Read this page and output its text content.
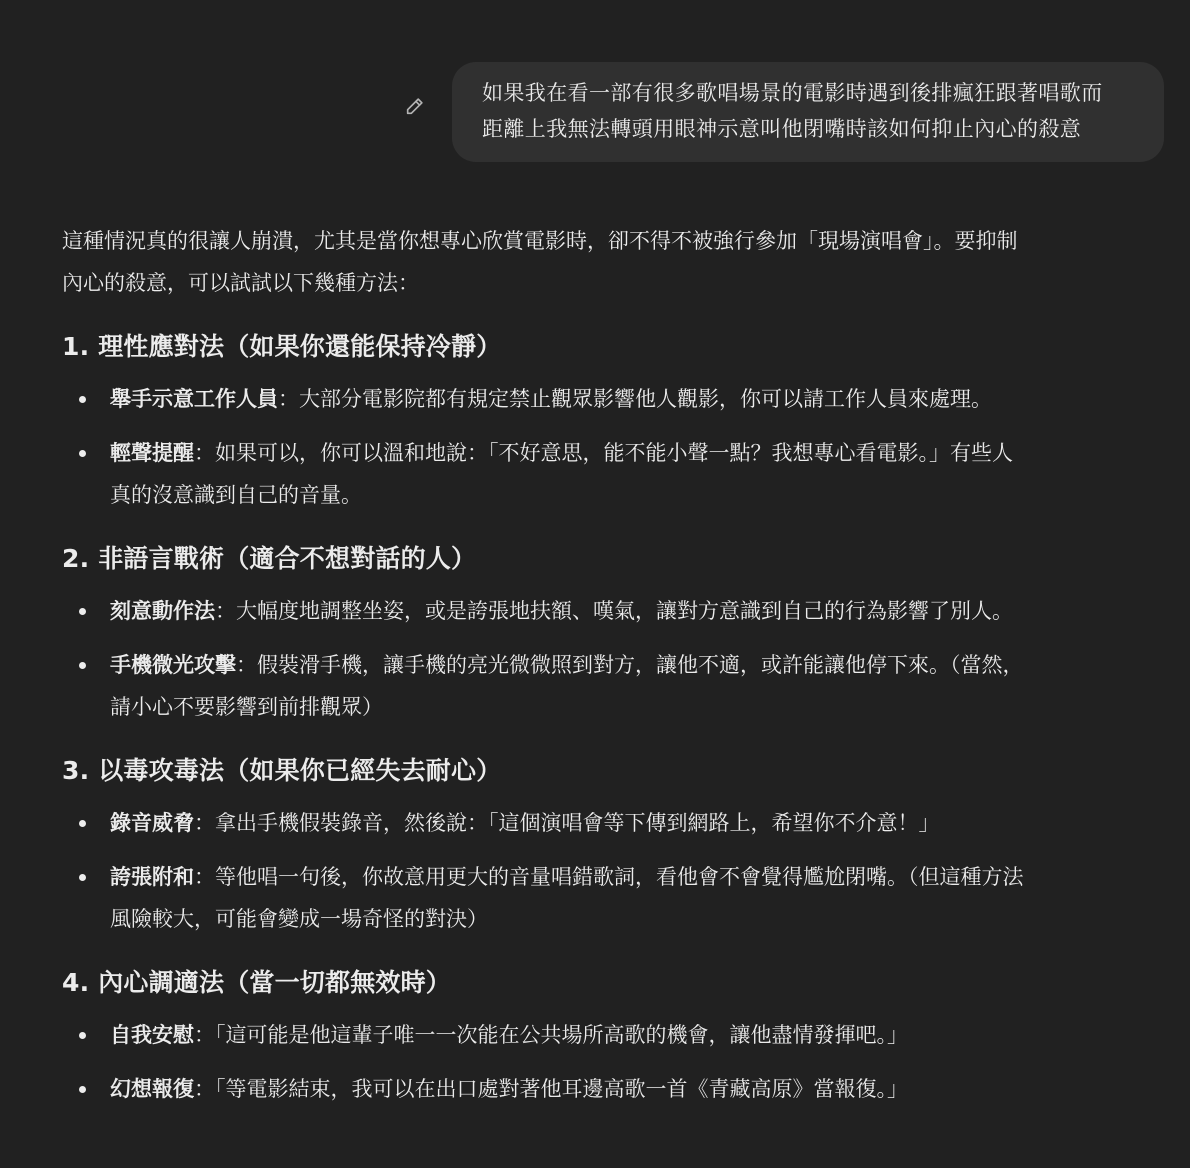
如果我在看一部有很多歌唱場景的電影時遇到後排瘋狂跟著唱歌而
距離上我無法轉頭用眼神示意叫他閉嘴時該如何抑止內心的殺意

這種情況真的很讓人崩潰，尤其是當你想專心欣賞電影時，卻不得不被強行參加「現場演唱會」。要抑制
內心的殺意，可以試試以下幾種方法：

1. 理性應對法（如果你還能保持冷靜）
舉手示意工作人員：大部分電影院都有規定禁止觀眾影響他人觀影，你可以請工作人員來處理。
輕聲提醒：如果可以，你可以溫和地說：「不好意思，能不能小聲一點？我想專心看電影。」有些人
真的沒意識到自己的音量。
2. 非語言戰術（適合不想對話的人）
刻意動作法：大幅度地調整坐姿，或是誇張地扶額、嘆氣，讓對方意識到自己的行為影響了別人。
手機微光攻擊：假裝滑手機，讓手機的亮光微微照到對方，讓他不適，或許能讓他停下來。（當然，
請小心不要影響到前排觀眾）
3. 以毒攻毒法（如果你已經失去耐心）
錄音威脅：拿出手機假裝錄音，然後說：「這個演唱會等下傳到網路上，希望你不介意！」
誇張附和：等他唱一句後，你故意用更大的音量唱錯歌詞，看他會不會覺得尷尬閉嘴。（但這種方法
風險較大，可能會變成一場奇怪的對決）
4. 內心調適法（當一切都無效時）
自我安慰：「這可能是他這輩子唯一一次能在公共場所高歌的機會，讓他盡情發揮吧。」
幻想報復：「等電影結束，我可以在出口處對著他耳邊高歌一首《青藏高原》當報復。」
